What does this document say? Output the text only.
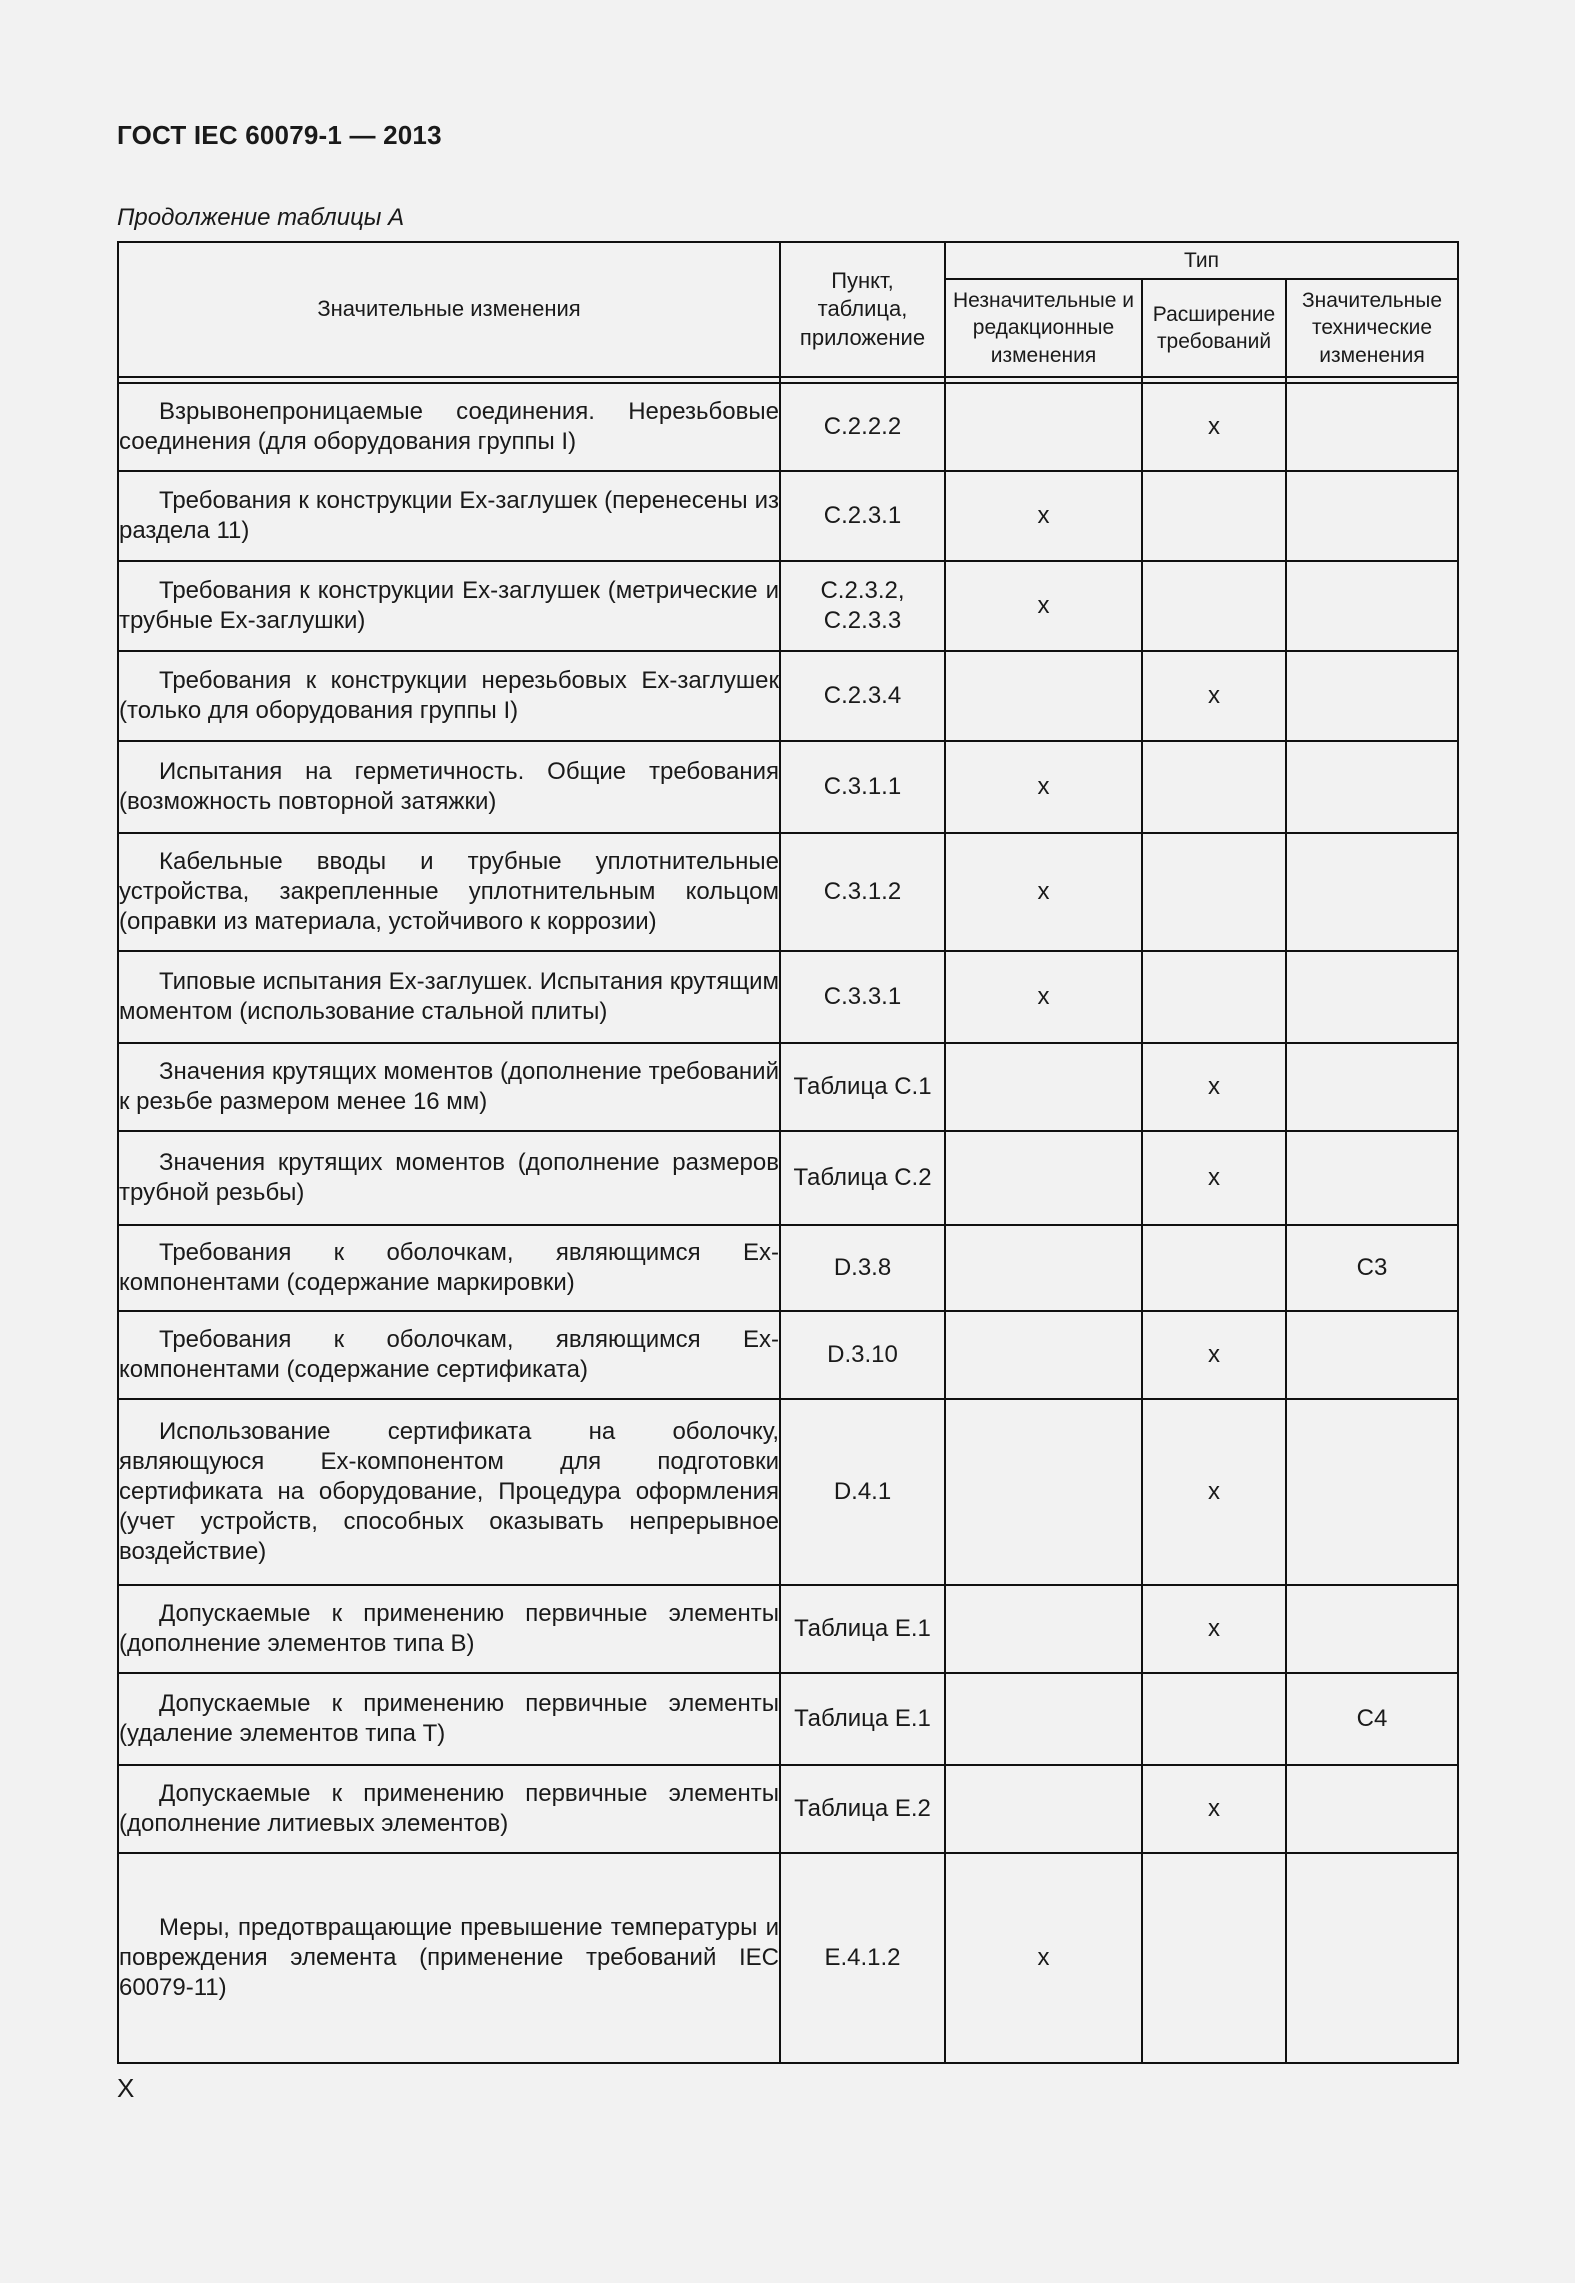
ГОСТ IEC 60079-1 — 2013
Продолжение таблицы А
Значительные изменения	Пункт, таблица, приложение	Тип		
		Незначительные и редакционные изменения	Расширение требований	Значительные технические изменения

Взрывонепроницаемые соединения. Нерезьбовые соединения (для оборудования группы I)	C.2.2.2		x	
Требования к конструкции Ех-заглушек (перенесены из раздела 11)	C.2.3.1	x		
Требования к конструкции Ех-заглушек (метрические и трубные Ех-заглушки)	C.2.3.2, C.2.3.3	x		
Требования к конструкции нерезьбовых Ех-заглушек (только для оборудования группы I)	C.2.3.4		x	
Испытания на герметичность. Общие требования (возможность повторной затяжки)	C.3.1.1	x		
Кабельные вводы и трубные уплотнительные устройства, закрепленные уплотнительным кольцом (оправки из материала, устойчивого к коррозии)	C.3.1.2	x		
Типовые испытания Ех-заглушек. Испытания крутящим моментом (использование стальной плиты)	C.3.3.1	x		
Значения крутящих моментов (дополнение требований к резьбе размером менее 16 мм)	Таблица C.1		x	
Значения крутящих моментов (дополнение размеров трубной резьбы)	Таблица C.2		x	
Требования к оболочкам, являющимся Ех-компонентами (содержание маркировки)	D.3.8			C3
Требования к оболочкам, являющимся Ех-компонентами (содержание сертификата)	D.3.10		x	
Использование сертификата на оболочку, являющуюся Ех-компонентом для подготовки сертификата на оборудование, Процедура оформления (учет устройств, способных оказывать непрерывное воздействие)	D.4.1		x	
Допускаемые к применению первичные элементы (дополнение элементов типа B)	Таблица E.1		x	
Допускаемые к применению первичные элементы (удаление элементов типа T)	Таблица E.1			C4
Допускаемые к применению первичные элементы (дополнение литиевых элементов)	Таблица E.2		x	
Меры, предотвращающие превышение температуры и повреждения элемента (применение требований IEC 60079-11)	E.4.1.2	x		
X
